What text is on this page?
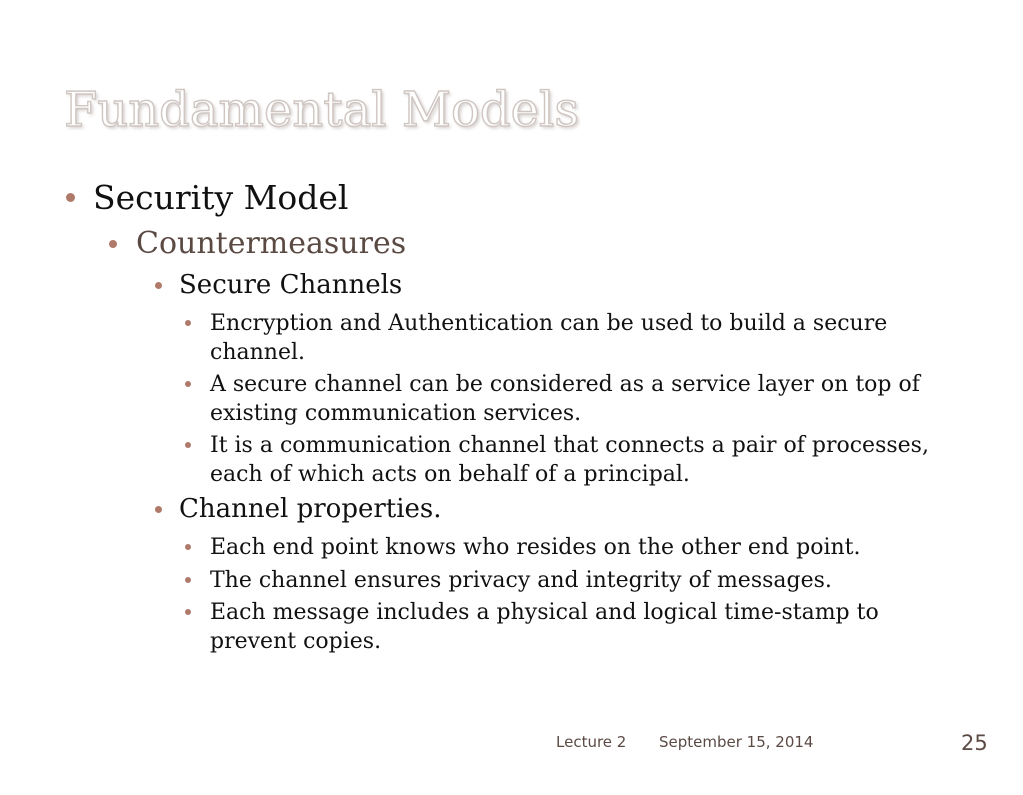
Fundamental Models
Security Model
Countermeasures
Secure Channels
Encryption and Authentication can be used to build a secure channel.
A secure channel can be considered as a service layer on top of existing communication services.
It is a communication channel that connects a pair of processes, each of which acts on behalf of a principal.
Channel properties.
Each end point knows who resides on the other end point.
The channel ensures privacy and integrity of messages.
Each message includes a physical and logical time-stamp to prevent copies.
Lecture 2 September 15, 2014	25
